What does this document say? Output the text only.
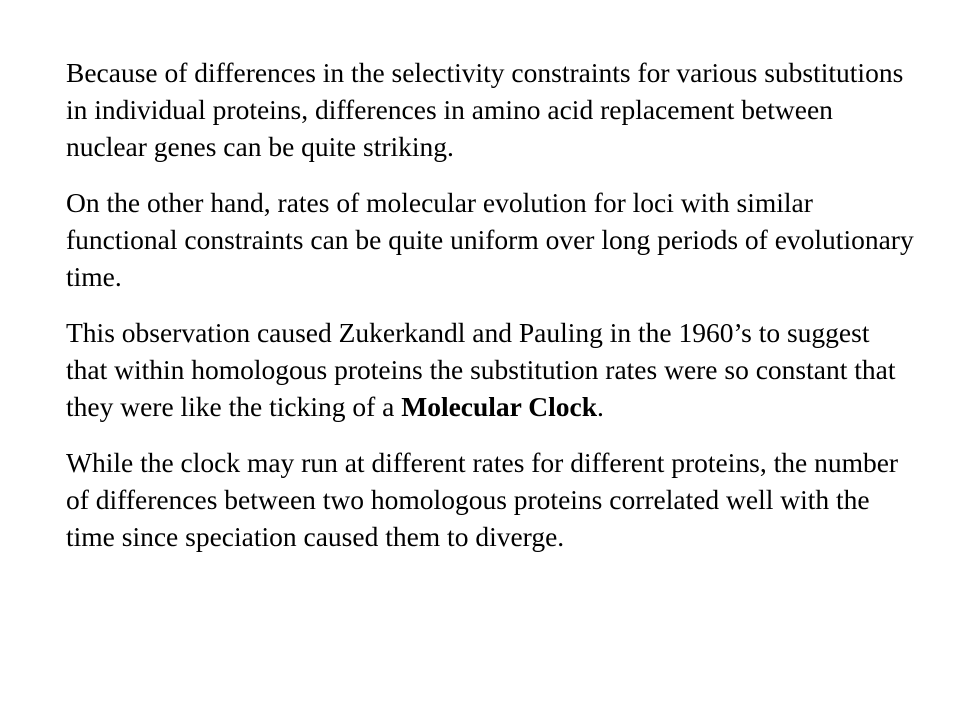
Because of differences in the selectivity constraints for various substitutions in individual proteins, differences in amino acid replacement between nuclear genes can be quite striking.

On the other hand, rates of molecular evolution for loci with similar functional constraints can be quite uniform over long periods of evolutionary time.

This observation caused Zukerkandl and Pauling in the 1960’s to suggest that within homologous proteins the substitution rates were so constant that they were like the ticking of a Molecular Clock.

While the clock may run at different rates for different proteins, the number of differences between two homologous proteins correlated well with the time since speciation caused them to diverge.
